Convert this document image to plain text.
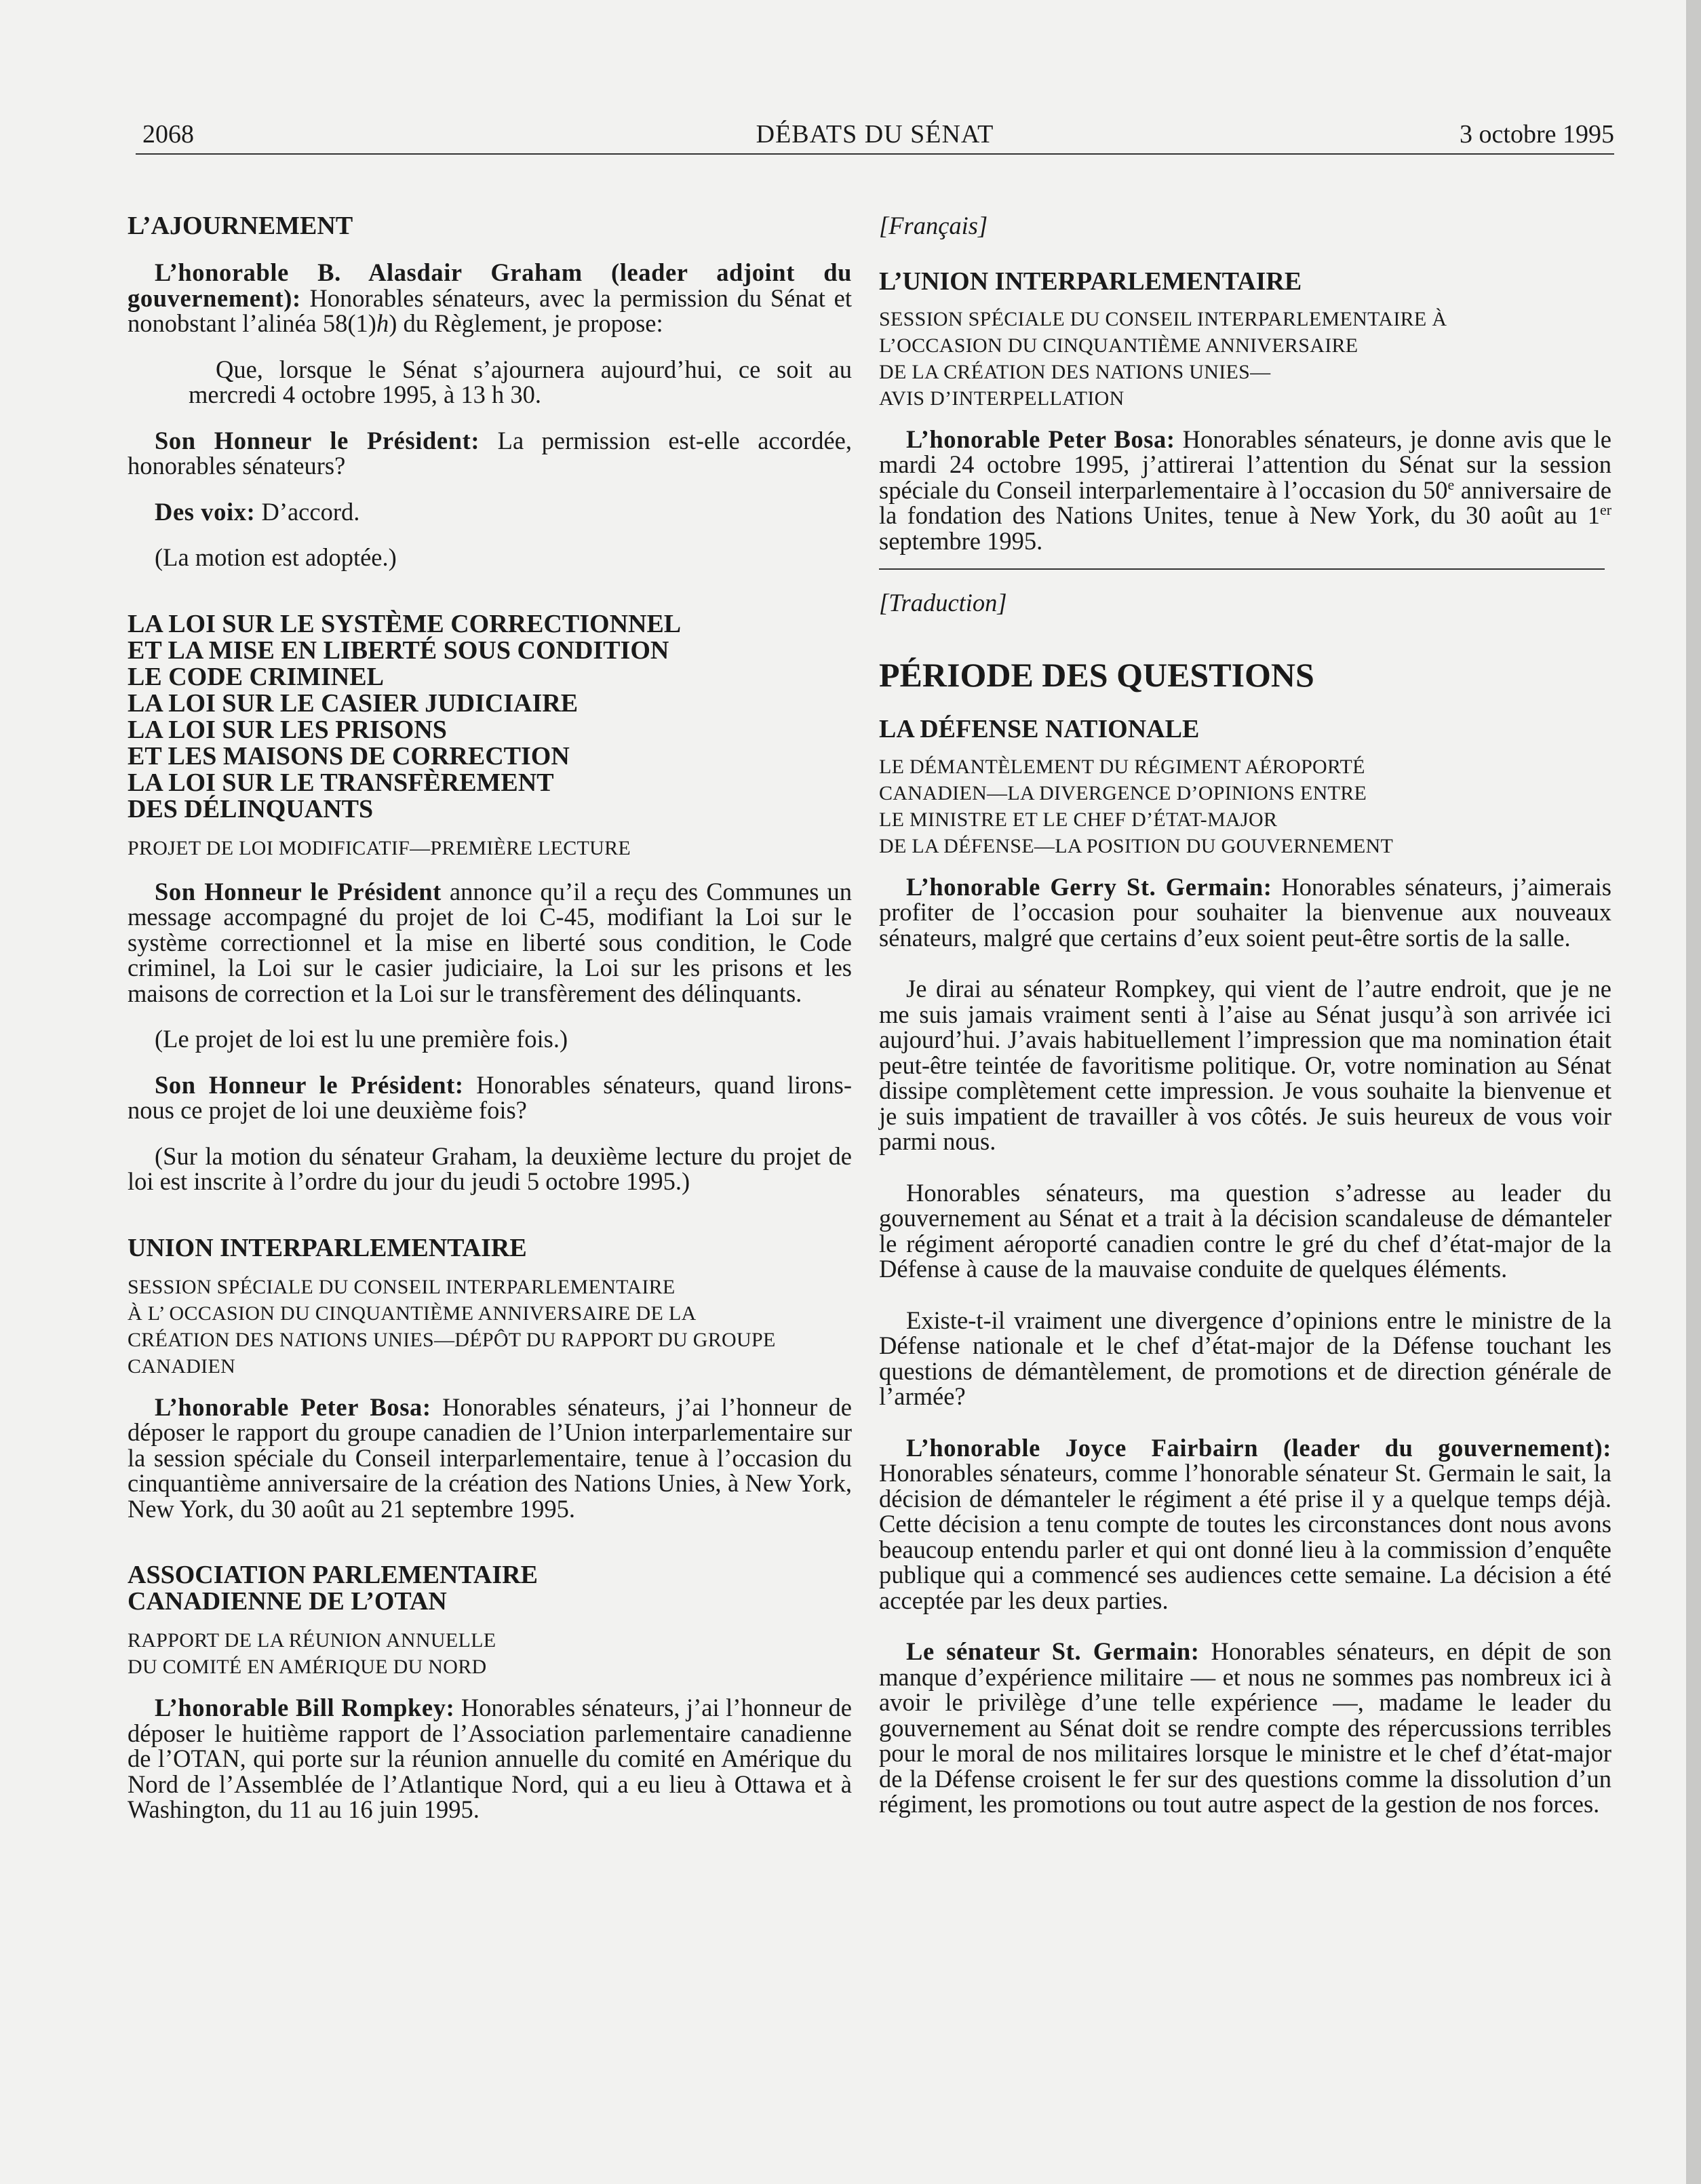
2068	DÉBATS DU SÉNAT	3 octobre 1995

L’AJOURNEMENT

L’honorable B. Alasdair Graham (leader adjoint du gouvernement): Honorables sénateurs, avec la permission du Sénat et nonobstant l’alinéa 58(1)h) du Règlement, je propose:

Que, lorsque le Sénat s’ajournera aujourd’hui, ce soit au mercredi 4 octobre 1995, à 13 h 30.

Son Honneur le Président: La permission est-elle accordée, honorables sénateurs?

Des voix: D’accord.

(La motion est adoptée.)

LA LOI SUR LE SYSTÈME CORRECTIONNEL

ET LA MISE EN LIBERTÉ SOUS CONDITION

LE CODE CRIMINEL

LA LOI SUR LE CASIER JUDICIAIRE

LA LOI SUR LES PRISONS

ET LES MAISONS DE CORRECTION

LA LOI SUR LE TRANSFÈREMENT

DES DÉLINQUANTS

PROJET DE LOI MODIFICATIF—PREMIÈRE LECTURE

Son Honneur le Président annonce qu’il a reçu des Communes un message accompagné du projet de loi C-45, modifiant la Loi sur le système correctionnel et la mise en liberté sous condition, le Code criminel, la Loi sur le casier judiciaire, la Loi sur les prisons et les maisons de correction et la Loi sur le transfèrement des délinquants.

(Le projet de loi est lu une première fois.)

Son Honneur le Président: Honorables sénateurs, quand lirons-nous ce projet de loi une deuxième fois?

(Sur la motion du sénateur Graham, la deuxième lecture du projet de loi est inscrite à l’ordre du jour du jeudi 5 octobre 1995.)

UNION INTERPARLEMENTAIRE

SESSION SPÉCIALE DU CONSEIL INTERPARLEMENTAIRE

À L’ OCCASION DU CINQUANTIÈME ANNIVERSAIRE DE LA

CRÉATION DES NATIONS UNIES—DÉPÔT DU RAPPORT DU GROUPE

CANADIEN

L’honorable Peter Bosa: Honorables sénateurs, j’ai l’honneur de déposer le rapport du groupe canadien de l’Union interparlementaire sur la session spéciale du Conseil interparlementaire, tenue à l’occasion du cinquantième anniversaire de la création des Nations Unies, à New York, New York, du 30 août au 21 septembre 1995.

ASSOCIATION PARLEMENTAIRE

CANADIENNE DE L’OTAN

RAPPORT DE LA RÉUNION ANNUELLE

DU COMITÉ EN AMÉRIQUE DU NORD

L’honorable Bill Rompkey: Honorables sénateurs, j’ai l’honneur de déposer le huitième rapport de l’Association parlementaire canadienne de l’OTAN, qui porte sur la réunion annuelle du comité en Amérique du Nord de l’Assemblée de l’Atlantique Nord, qui a eu lieu à Ottawa et à Washington, du 11 au 16 juin 1995.

[Français]

L’UNION INTERPARLEMENTAIRE

SESSION SPÉCIALE DU CONSEIL INTERPARLEMENTAIRE À

L’OCCASION DU CINQUANTIÈME ANNIVERSAIRE

DE LA CRÉATION DES NATIONS UNIES—

AVIS D’INTERPELLATION

L’honorable Peter Bosa: Honorables sénateurs, je donne avis que le mardi 24 octobre 1995, j’attirerai l’attention du Sénat sur la session spéciale du Conseil interparlementaire à l’occasion du 50e anniversaire de la fondation des Nations Unites, tenue à New York, du 30 août au 1er septembre 1995.

[Traduction]

PÉRIODE DES QUESTIONS

LA DÉFENSE NATIONALE

LE DÉMANTÈLEMENT DU RÉGIMENT AÉROPORTÉ

CANADIEN—LA DIVERGENCE D’OPINIONS ENTRE

LE MINISTRE ET LE CHEF D’ÉTAT-MAJOR

DE LA DÉFENSE—LA POSITION DU GOUVERNEMENT

L’honorable Gerry St. Germain: Honorables sénateurs, j’aimerais profiter de l’occasion pour souhaiter la bienvenue aux nouveaux sénateurs, malgré que certains d’eux soient peut-être sortis de la salle.

Je dirai au sénateur Rompkey, qui vient de l’autre endroit, que je ne me suis jamais vraiment senti à l’aise au Sénat jusqu’à son arrivée ici aujourd’hui. J’avais habituellement l’impression que ma nomination était peut-être teintée de favoritisme politique. Or, votre nomination au Sénat dissipe complètement cette impression. Je vous souhaite la bienvenue et je suis impatient de travailler à vos côtés. Je suis heureux de vous voir parmi nous.

Honorables sénateurs, ma question s’adresse au leader du gouvernement au Sénat et a trait à la décision scandaleuse de démanteler le régiment aéroporté canadien contre le gré du chef d’état-major de la Défense à cause de la mauvaise conduite de quelques éléments.

Existe-t-il vraiment une divergence d’opinions entre le ministre de la Défense nationale et le chef d’état-major de la Défense touchant les questions de démantèlement, de promotions et de direction générale de l’armée?

L’honorable Joyce Fairbairn (leader du gouvernement): Honorables sénateurs, comme l’honorable sénateur St. Germain le sait, la décision de démanteler le régiment a été prise il y a quelque temps déjà. Cette décision a tenu compte de toutes les circonstances dont nous avons beaucoup entendu parler et qui ont donné lieu à la commission d’enquête publique qui a commencé ses audiences cette semaine. La décision a été acceptée par les deux parties.

Le sénateur St. Germain: Honorables sénateurs, en dépit de son manque d’expérience militaire — et nous ne sommes pas nombreux ici à avoir le privilège d’une telle expérience —, madame le leader du gouvernement au Sénat doit se rendre compte des répercussions terribles pour le moral de nos militaires lorsque le ministre et le chef d’état-major de la Défense croisent le fer sur des questions comme la dissolution d’un régiment, les promotions ou tout autre aspect de la gestion de nos forces.
